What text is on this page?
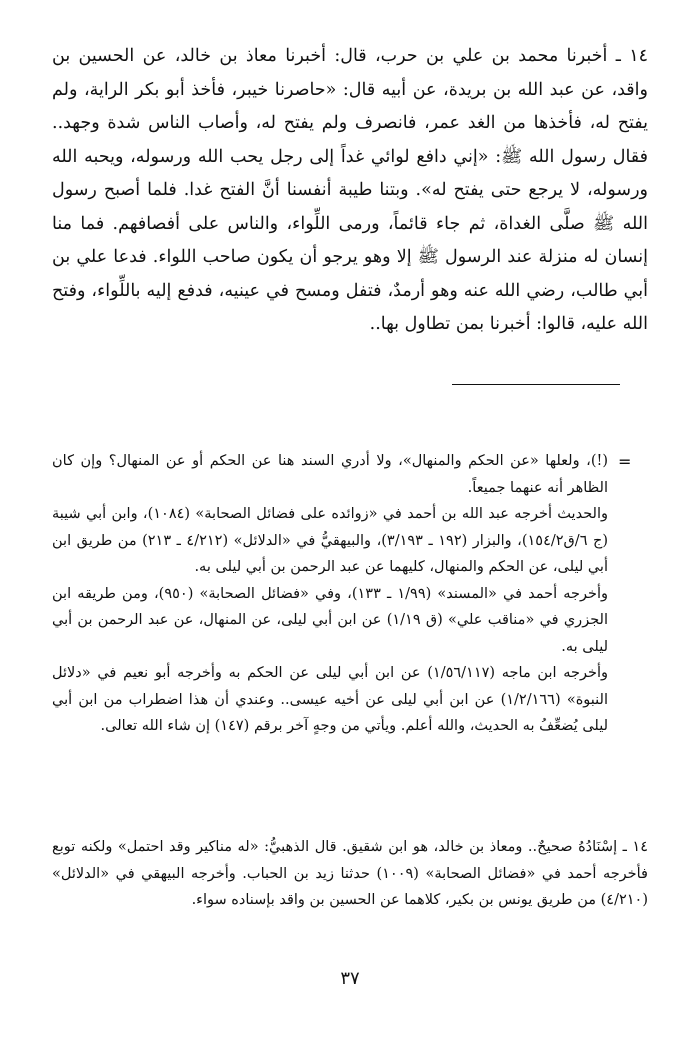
١٤ ـ أخبرنا محمد بن علي بن حرب، قال: أخبرنا معاذ بن خالد، عن الحسين بن واقد، عن عبد الله بن بريدة، عن أبيه قال: «حاصرنا خيبر، فأخذ أبو بكر الراية، ولم يفتح له، فأخذها من الغد عمر، فانصرف ولم يفتح له، وأصاب الناس شدة وجهد.. فقال رسول الله ﷺ: «إني دافع لوائي غداً إلى رجل يحب الله ورسوله، ويحبه الله ورسوله، لا يرجع حتى يفتح له». وبتنا طيبة أنفسنا أنَّ الفتح غدا. فلما أصبح رسول الله ﷺ صلَّى الغداة، ثم جاء قائماً، ورمى اللِّواء، والناس على أفصافهم. فما منا إنسان له منزلة عند الرسول ﷺ إلا وهو يرجو أن يكون صاحب اللواء. فدعا علي بن أبي طالب، رضي الله عنه وهو أرمدٌ، فتفل ومسح في عينيه، فدفع إليه باللِّواء، وفتح الله عليه، قالوا: أخبرنا بمن تطاول بها..

=

(!)، ولعلها «عن الحكم والمنهال»، ولا أدري السند هنا عن الحكم أو عن المنهال؟ وإن كان الظاهر أنه عنهما جميعاً.

والحديث أخرجه عبد الله بن أحمد في «زوائده على فضائل الصحابة» (١٠٨٤)، وابن أبي شيبة (ج ٦/ق١٥٤/٢)، والبزار (١٩٢ ـ ٣/١٩٣)، والبيهقيُّ في «الدلائل» (٤/٢١٢ ـ ٢١٣) من طريق ابن أبي ليلى، عن الحكم والمنهال، كليهما عن عبد الرحمن بن أبي ليلى به.

وأخرجه أحمد في «المسند» (١/٩٩ ـ ١٣٣)، وفي «فضائل الصحابة» (٩٥٠)، ومن طريقه ابن الجزري في «مناقب علي» (ق ١/١٩) عن ابن أبي ليلى، عن المنهال، عن عبد الرحمن بن أبي ليلى به.

وأخرجه ابن ماجه (١/٥٦/١١٧) عن ابن أبي ليلى عن الحكم به وأخرجه أبو نعيم في «دلائل النبوة» (١/٢/١٦٦) عن ابن أبي ليلى عن أخيه عيسى.. وعندي أن هذا اضطراب من ابن أبي ليلى يُضعِّفُ به الحديث، والله أعلم. ويأتي من وجهٍ آخر برقم (١٤٧) إن شاء الله تعالى.

١٤ ـ إسْنَادُهُ صحيحٌ.. ومعاذ بن خالد، هو ابن شقيق. قال الذهبيُّ: «له مناكير وقد احتمل» ولكنه توبع فأخرجه أحمد في «فضائل الصحابة» (١٠٠٩) حدثنا زيد بن الحباب. وأخرجه البيهقي في «الدلائل» (٤/٢١٠) من طريق يونس بن بكير، كلاهما عن الحسين بن واقد بإسناده سواء.

٣٧
